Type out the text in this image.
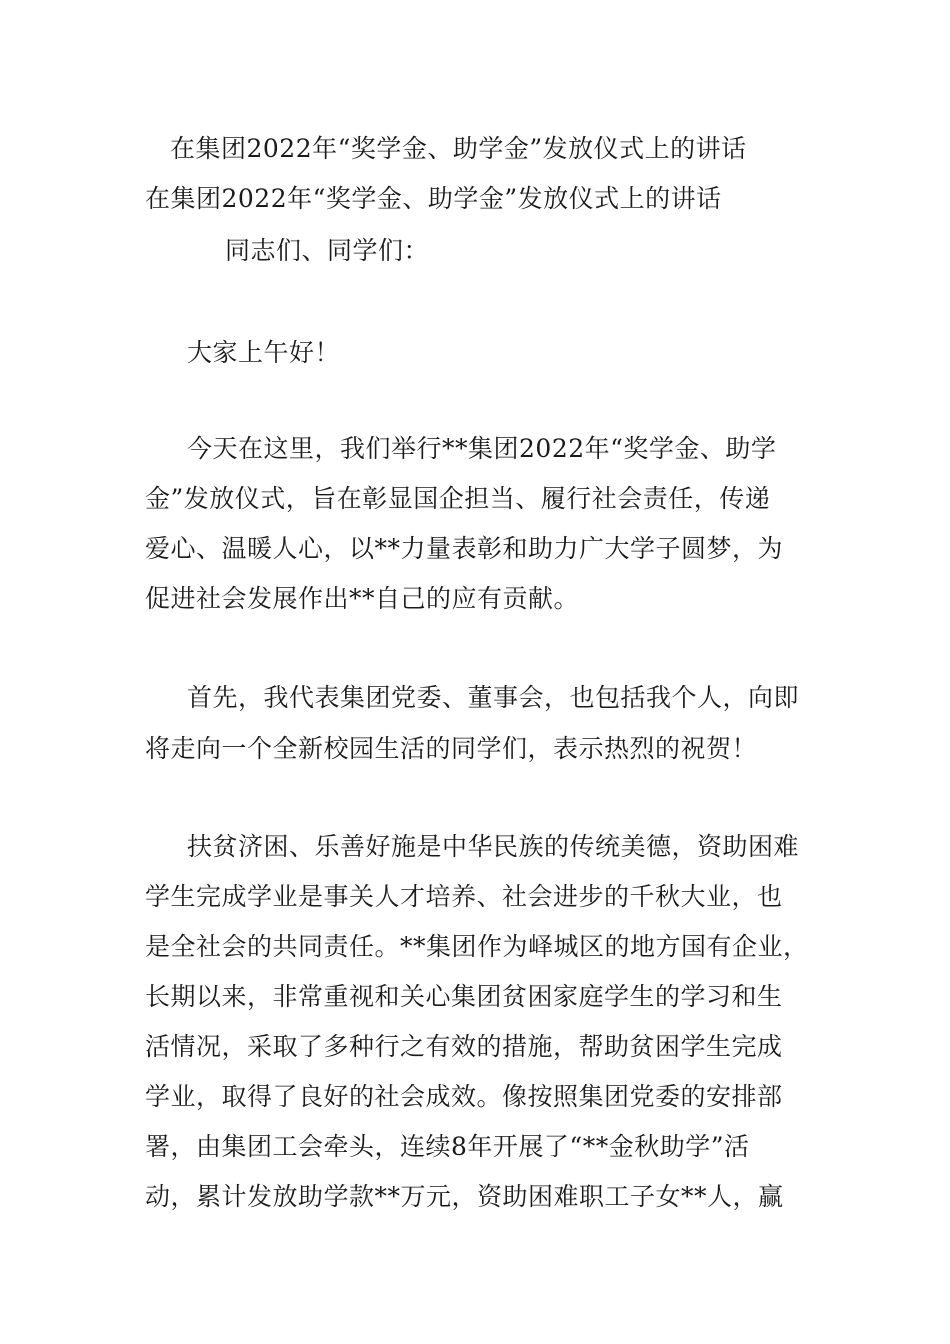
在集团2022年“奖学金、助学金”发放仪式上的讲话
在集团2022年“奖学金、助学金”发放仪式上的讲话
同志们、同学们：
大家上午好！
今天在这里，我们举行**集团2022年“奖学金、助学
金”发放仪式，旨在彰显国企担当、履行社会责任，传递
爱心、温暖人心，以**力量表彰和助力广大学子圆梦，为
促进社会发展作出**自己的应有贡献。
首先，我代表集团党委、董事会，也包括我个人，向即
将走向一个全新校园生活的同学们，表示热烈的祝贺！
扶贫济困、乐善好施是中华民族的传统美德，资助困难
学生完成学业是事关人才培养、社会进步的千秋大业，也
是全社会的共同责任。**集团作为峄城区的地方国有企业，
长期以来，非常重视和关心集团贫困家庭学生的学习和生
活情况，采取了多种行之有效的措施，帮助贫困学生完成
学业，取得了良好的社会成效。像按照集团党委的安排部
署，由集团工会牵头，连续8年开展了“**金秋助学”活
动，累计发放助学款**万元，资助困难职工子女**人，赢
